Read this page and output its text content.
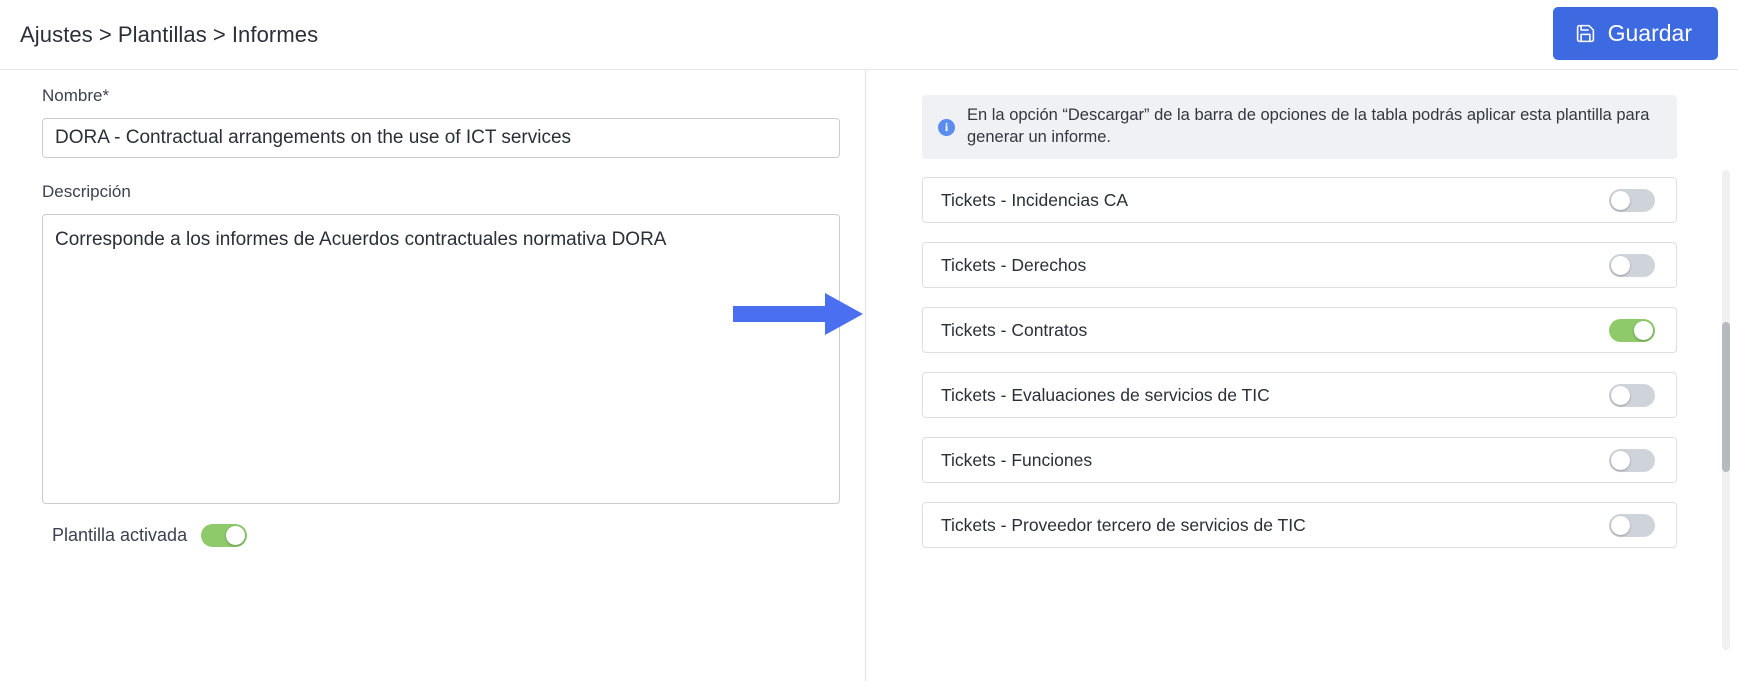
Ajustes > Plantillas > Informes	Guardar
Nombre*
DORA - Contractual arrangements on the use of ICT services
Descripción
Corresponde a los informes de Acuerdos contractuales normativa DORA
Plantilla activada
i
En la opción “Descargar” de la barra de opciones de la tabla podrás aplicar esta plantilla para generar un informe.
Tickets - Incidencias CA
Tickets - Derechos
Tickets - Contratos
Tickets - Evaluaciones de servicios de TIC
Tickets - Funciones
Tickets - Proveedor tercero de servicios de TIC
